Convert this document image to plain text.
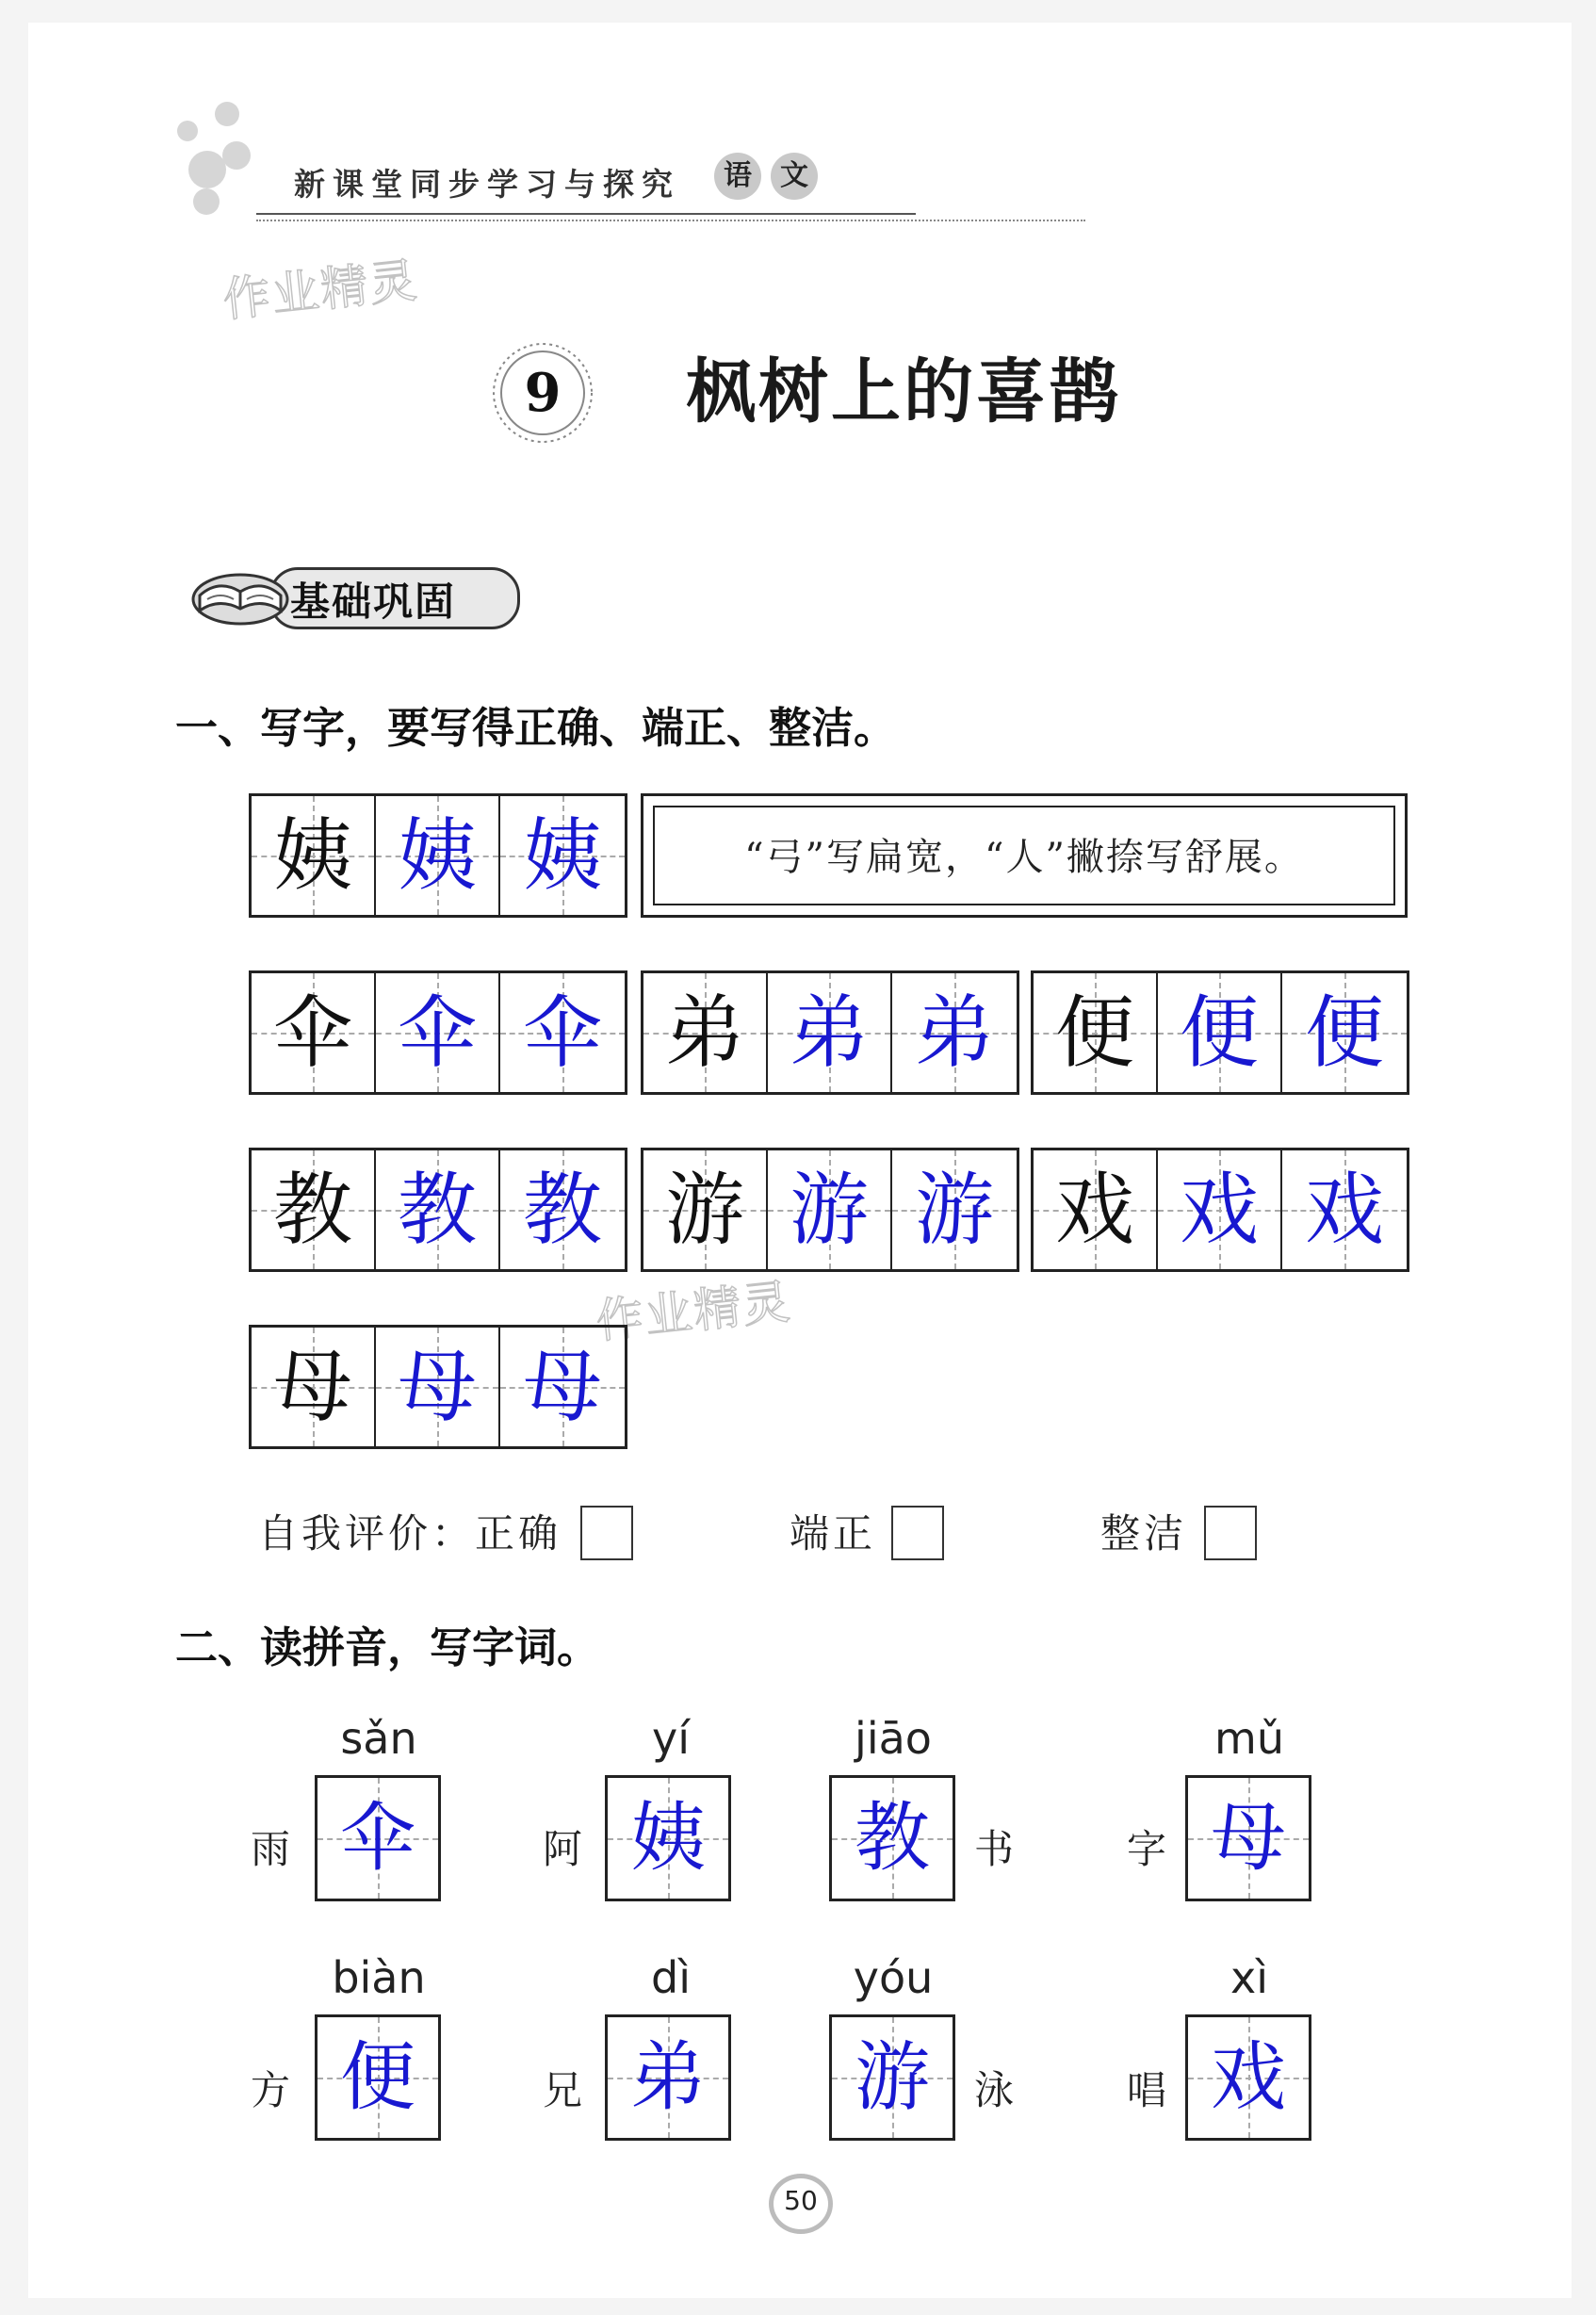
新课堂同步学习与探究	语	文
作业精灵
作业精灵
9	枫树上的喜鹊
基础巩固
一、写字，要写得正确、端正、整洁。
姨 姨 姨	“弓”写扁宽，“人”撇捺写舒展。
伞 伞 伞 弟 弟 弟 便 便 便
教 教 教 游 游 游 戏 戏 戏
母 母 母
自我评价：正确	端正	整洁
二、读拼音，写字词。
sǎn
雨 伞
yí
阿 姨
jiāo
教	书
mǔ
字 母
biàn
方 便
dì
兄 弟
yóu
游	泳
xì
唱 戏
50
